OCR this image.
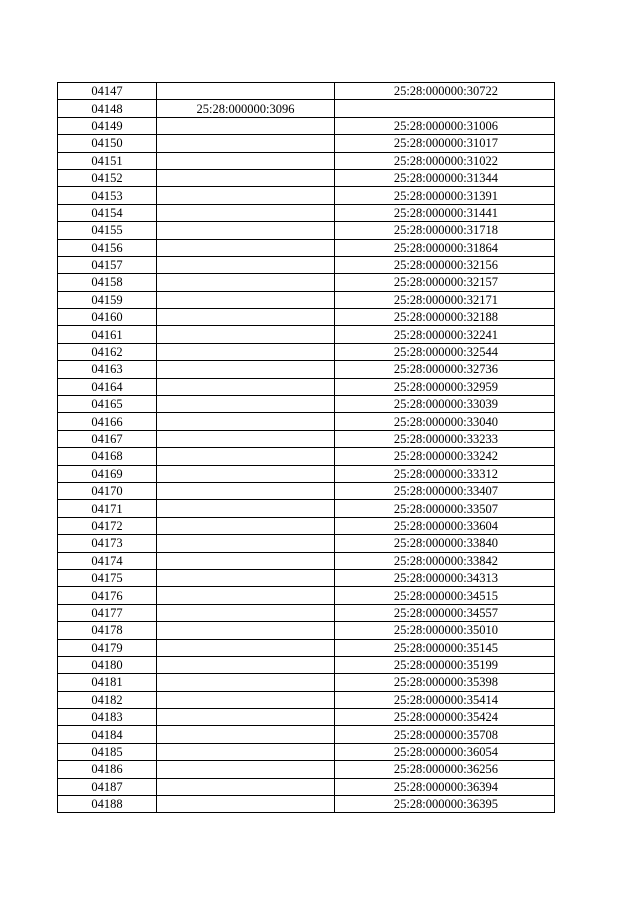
04147		25:28:000000:30722
04148	25:28:000000:3096	
04149		25:28:000000:31006
04150		25:28:000000:31017
04151		25:28:000000:31022
04152		25:28:000000:31344
04153		25:28:000000:31391
04154		25:28:000000:31441
04155		25:28:000000:31718
04156		25:28:000000:31864
04157		25:28:000000:32156
04158		25:28:000000:32157
04159		25:28:000000:32171
04160		25:28:000000:32188
04161		25:28:000000:32241
04162		25:28:000000:32544
04163		25:28:000000:32736
04164		25:28:000000:32959
04165		25:28:000000:33039
04166		25:28:000000:33040
04167		25:28:000000:33233
04168		25:28:000000:33242
04169		25:28:000000:33312
04170		25:28:000000:33407
04171		25:28:000000:33507
04172		25:28:000000:33604
04173		25:28:000000:33840
04174		25:28:000000:33842
04175		25:28:000000:34313
04176		25:28:000000:34515
04177		25:28:000000:34557
04178		25:28:000000:35010
04179		25:28:000000:35145
04180		25:28:000000:35199
04181		25:28:000000:35398
04182		25:28:000000:35414
04183		25:28:000000:35424
04184		25:28:000000:35708
04185		25:28:000000:36054
04186		25:28:000000:36256
04187		25:28:000000:36394
04188		25:28:000000:36395
